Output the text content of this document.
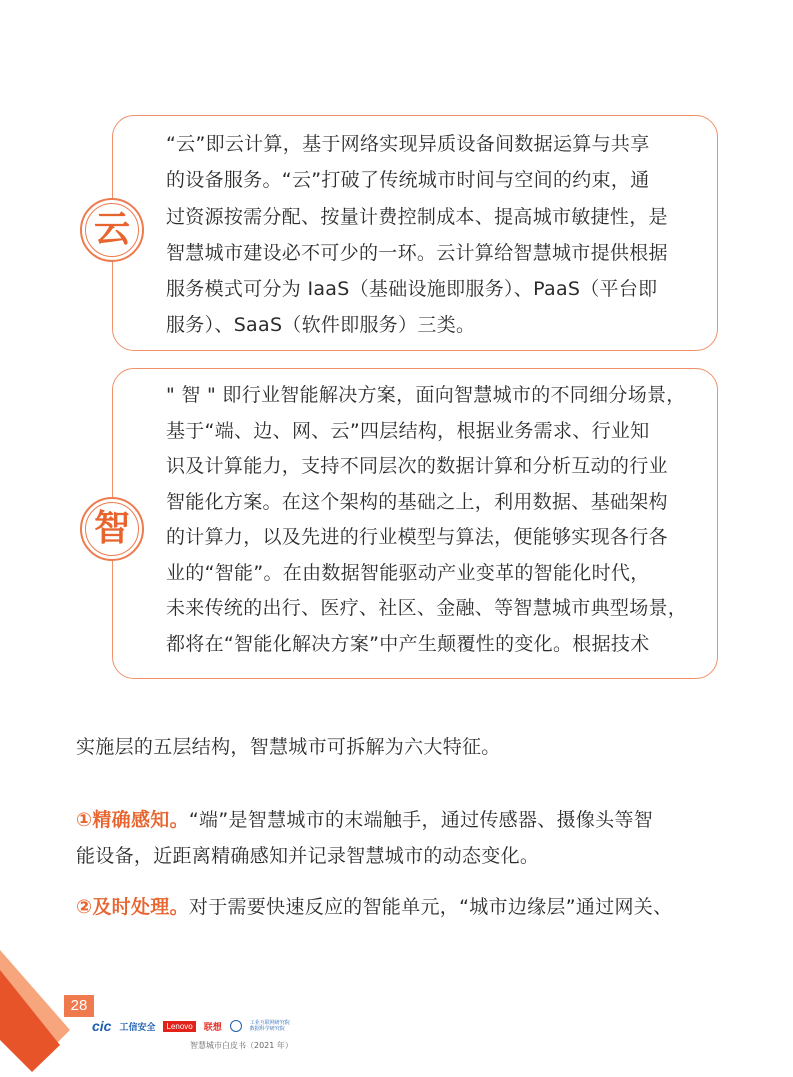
“云”即云计算，基于网络实现异质设备间数据运算与共享
的设备服务。“云”打破了传统城市时间与空间的约束，通
过资源按需分配、按量计费控制成本、提高城市敏捷性，是
智慧城市建设必不可少的一环。云计算给智慧城市提供根据
服务模式可分为 IaaS（基础设施即服务）、PaaS（平台即
服务）、SaaS（软件即服务）三类。
云
" 智 " 即行业智能解决方案，面向智慧城市的不同细分场景，
基于“端、边、网、云”四层结构，根据业务需求、行业知
识及计算能力，支持不同层次的数据计算和分析互动的行业
智能化方案。在这个架构的基础之上，利用数据、基础架构
的计算力，以及先进的行业模型与算法，便能够实现各行各
业的“智能”。在由数据智能驱动产业变革的智能化时代，
未来传统的出行、医疗、社区、金融、等智慧城市典型场景，
都将在“智能化解决方案”中产生颠覆性的变化。根据技术
智
实施层的五层结构，智慧城市可拆解为六大特征。
①精确感知。“端”是智慧城市的末端触手，通过传感器、摄像头等智
能设备，近距离精确感知并记录智慧城市的动态变化。
②及时处理。对于需要快速反应的智能单元，“城市边缘层”通过网关、
28
cic 工信安全	Lenovo	联想	工业互联网研究院
数据科学研究院
智慧城市白皮书（2021 年）
